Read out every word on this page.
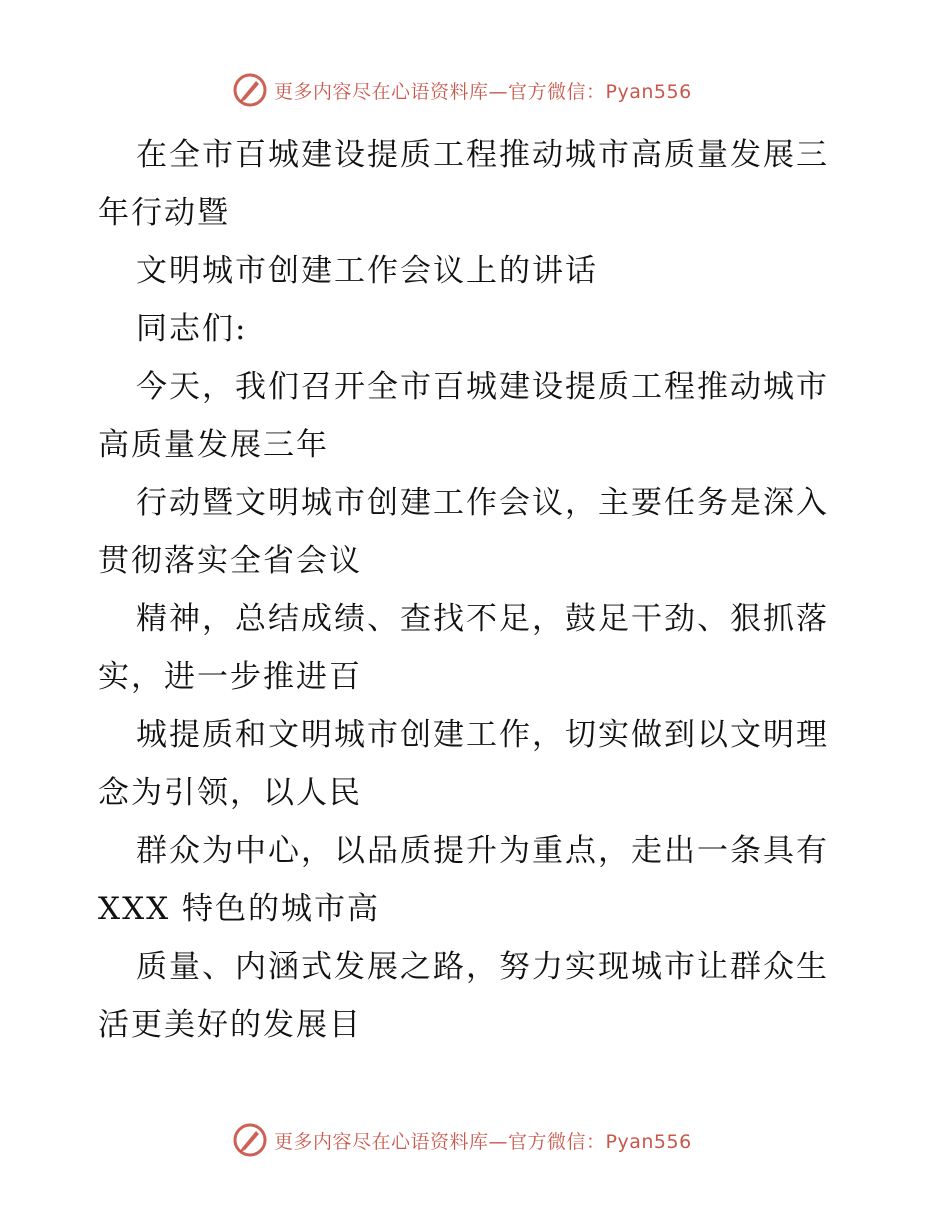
更多内容尽在心语资料库—官方微信：Pyan556

在全市百城建设提质工程推动城市高质量发展三年行动暨

文明城市创建工作会议上的讲话

同志们:

今天，我们召开全市百城建设提质工程推动城市高质量发展三年

行动暨文明城市创建工作会议，主要任务是深入贯彻落实全省会议

精神，总结成绩、查找不足，鼓足干劲、狠抓落实，进一步推进百

城提质和文明城市创建工作，切实做到以文明理念为引领，以人民

群众为中心，以品质提升为重点，走出一条具有 XXX 特色的城市高

质量、内涵式发展之路，努力实现城市让群众生活更美好的发展目

更多内容尽在心语资料库—官方微信：Pyan556
